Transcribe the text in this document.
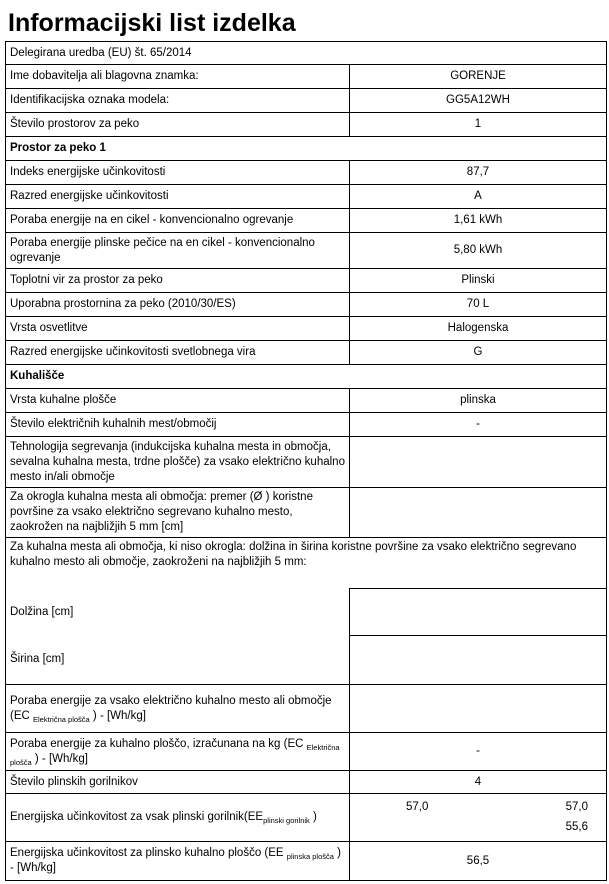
Informacijski list izdelka
Delegirana uredba (EU) št. 65/2014	
Ime dobavitelja ali blagovna znamka:	GORENJE
Identifikacijska oznaka modela:	GG5A12WH
Število prostorov za peko	1
Prostor za peko 1	
Indeks energijske učinkovitosti	87,7
Razred energijske učinkovitosti	A
Poraba energije na en cikel - konvencionalno ogrevanje	1,61 kWh
Poraba energije plinske pečice na en cikel - konvencionalno ogrevanje	5,80 kWh
Toplotni vir za prostor za peko	Plinski
Uporabna prostornina za peko (2010/30/ES)	70 L
Vrsta osvetlitve	Halogenska
Razred energijske učinkovitosti svetlobnega vira	G
Kuhališče	
Vrsta kuhalne plošče	plinska
Število električnih kuhalnih mest/območij	-
Tehnologija segrevanja (indukcijska kuhalna mesta in območja, sevalna kuhalna mesta, trdne plošče) za vsako električno kuhalno mesto in/ali območje	
Za okrogla kuhalna mesta ali območja: premer (Ø ) koristne površine za vsako električno segrevano kuhalno mesto, zaokrožen na najbližjih 5 mm [cm]	
Za kuhalna mesta ali območja, ki niso okrogla: dolžina in širina koristne površine za vsako električno segrevano kuhalno mesto ali območje, zaokroženi na najbližjih 5 mm:	
Dolžina [cm]	
Širina [cm]	
Poraba energije za vsako električno kuhalno mesto ali območje (EC $_{Električna plošča}$ ) - [Wh/kg]	
Poraba energije za kuhalno ploščo, izračunana na kg (EC $_{Električna plošča}$ ) - [Wh/kg]	-
Število plinskih gorilnikov	4
Energijska učinkovitost za vsak plinski $gorilnik(EE_{plinski gorilnik}$ )	57,0 57,0
55,6

Energijska učinkovitost za plinsko kuhalno ploščo (EE $_{plinska plošča}$ ) - [Wh/kg]	56,5
